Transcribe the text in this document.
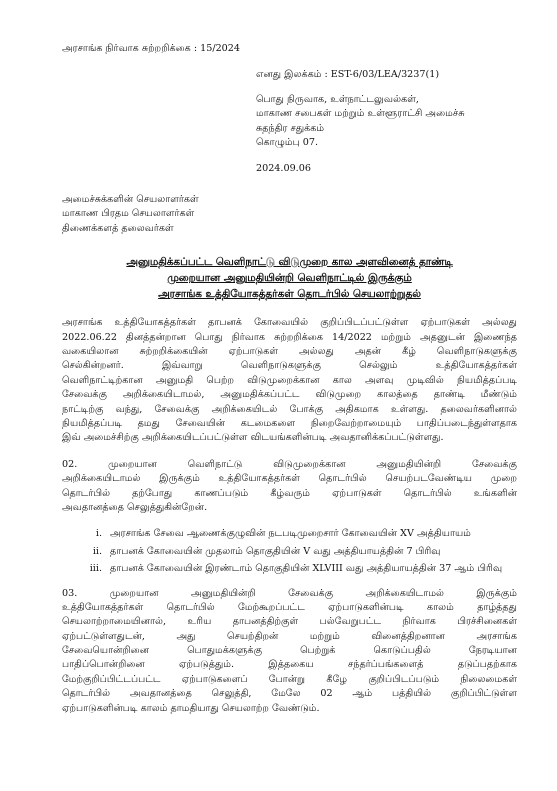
அரசாங்க நிர்வாக சுற்றறிக்கை : 15/2024
எனது இலக்கம் : EST-6/03/LEA/3237(1)
பொது நிருவாக, உள்நாட்டலுவல்கள்,
மாகாண சபைகள் மற்றும் உள்ளூராட்சி அமைச்சு
சுதந்திர சதுக்கம்
கொழும்பு 07.
2024.09.06
அமைச்சுக்களின் செயலாளர்கள்
மாகாண பிரதம செயலாளர்கள்
திணைக்களத் தலைவர்கள்
அனுமதிக்கப்பட்ட வெளிநாட்டு விடுமுறை கால அளவினைத் தாண்டி
முறையான அனுமதியின்றி வெளிநாட்டில் இருக்கும்
அரசாங்க உத்தியோகத்தர்கள் தொடர்பில் செயலாற்றுதல்

அரசாங்க உத்தியோகத்தர்கள் தாபனக் கோவையில் குறிப்பிடப்பட்டுள்ள ஏற்பாடுகள் அல்லது
2022.06.22 தினத்தன்றான பொது நிர்வாக சுற்றறிக்கை 14/2022 மற்றும் அதனுடன் இணைந்த
வகையிலான சுற்றறிக்கையின் ஏற்பாடுகள் அல்லது அதன் கீழ் வெளிநாடுகளுக்கு
செல்கின்றனர். இவ்வாறு வெளிநாடுகளுக்கு செல்லும் உத்தியோகத்தர்கள்
வெளிநாட்டிற்கான அனுமதி பெற்ற விடுமுறைக்கான கால அளவு முடிவில் நியமித்தப்படி
சேவைக்கு அறிக்கையிடாமல், அனுமதிக்கப்பட்ட விடுமுறை காலத்தை தாண்டி மீண்டும்
நாட்டிற்கு வந்து, சேவைக்கு அறிக்கையிடல் போக்கு அதிகமாக உள்ளது. தலைவர்களினால்
நியமித்தப்படி தமது சேவையின் கடமைகளை நிறைவேற்றாமையும் பாதிப்படைந்துள்ளதாக
இவ் அமைச்சிற்கு அறிக்கையிடப்பட்டுள்ள விடயங்களின்படி அவதானிக்கப்பட்டுள்ளது.

02. முறையான வெளிநாட்டு விடுமுறைக்கான அனுமதியின்றி சேவைக்கு
அறிக்கையிடாமல் இருக்கும் உத்தியோகத்தர்கள் தொடர்பில் செயற்படவேண்டிய முறை
தொடர்பில் தற்போது காணப்படும் கீழ்வரும் ஏற்பாடுகள் தொடர்பில் உங்களின்
அவதானத்தை செலுத்துகின்றேன்.

i. அரசாங்க சேவை ஆணைக்குழுவின் நடபடிமுறைசார் கோவையின் XV அத்தியாயம்
ii. தாபனக் கோவையின் முதலாம் தொகுதியின் V வது அத்தியாயத்தின் 7 பிரிவு
iii. தாபனக் கோவையின் இரண்டாம் தொகுதியின் XLVIII வது அத்தியாயத்தின் 37 ஆம் பிரிவு

03. முறையான அனுமதியின்றி சேவைக்கு அறிக்கையிடாமல் இருக்கும்
உத்தியோகத்தர்கள் தொடர்பில் மேற்கூறப்பட்ட ஏற்பாடுகளின்படி காலம் தாழ்த்தது
செயலாற்றாமையினால், உரிய தாபனத்திற்குள் பல்வேறுபட்ட நிர்வாக பிரச்சினைகள்
ஏற்பட்டுள்ளதுடன், அது செயற்திறன் மற்றும் வினைத்திறனான அரசாங்க
சேவையொன்றினை பொதுமக்களுக்கு பெற்றுக் கொடுப்பதில் நேரடியான
பாதிப்பொன்றினை ஏற்படுத்தும். இத்தகைய சந்தர்ப்பங்களைத் தடுப்பதற்காக
மேற்குறிப்பிட்டப்பட்ட ஏற்பாடுகளைப் போன்று கீழே குறிப்பிடப்படும் நிலைமைகள்
தொடர்பில் அவதானத்தை செலுத்தி, மேலே 02 ஆம் பத்தியில் குறிப்பிட்டுள்ள
ஏற்பாடுகளின்படி காலம் தாமதியாது செயலாற்ற வேண்டும்.
